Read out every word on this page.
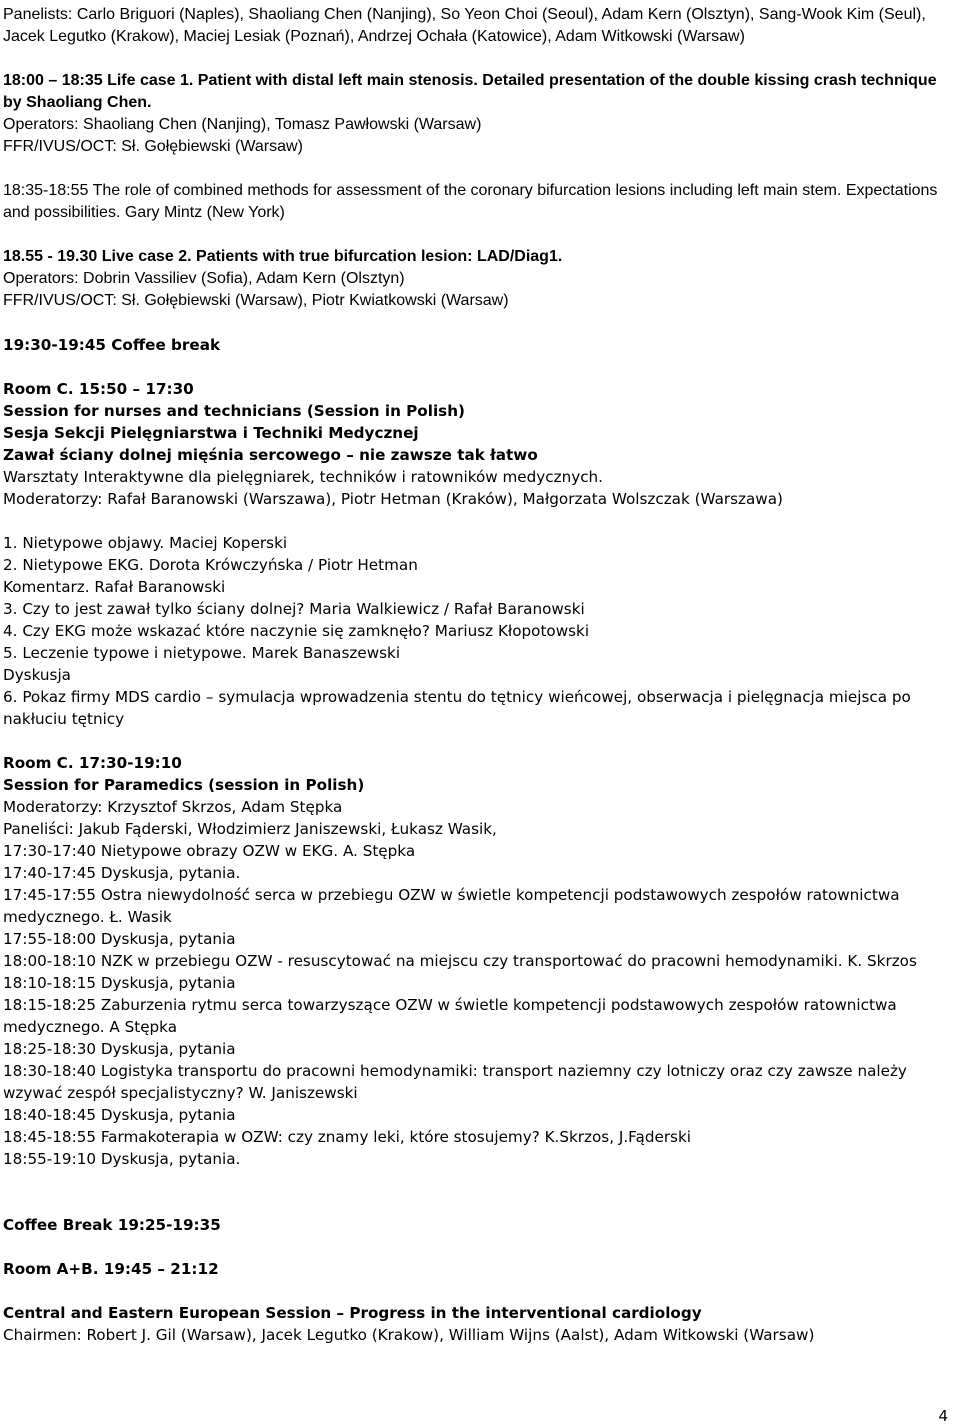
Panelists: Carlo Briguori (Naples), Shaoliang Chen (Nanjing), So Yeon Choi (Seoul), Adam Kern (Olsztyn), Sang-Wook Kim (Seul), Jacek Legutko (Krakow), Maciej Lesiak (Poznań), Andrzej Ochała (Katowice), Adam Witkowski (Warsaw)
18:00 – 18:35 Life case 1. Patient with distal left main stenosis. Detailed presentation of the double kissing crash technique by Shaoliang Chen.
Operators: Shaoliang Chen (Nanjing), Tomasz Pawłowski (Warsaw)
FFR/IVUS/OCT: Sł. Gołębiewski (Warsaw)
18:35-18:55 The role of combined methods for assessment of the coronary bifurcation lesions including left main stem. Expectations and possibilities. Gary Mintz (New York)
18.55 - 19.30 Live case 2. Patients with true bifurcation lesion: LAD/Diag1.
Operators: Dobrin Vassiliev (Sofia), Adam Kern (Olsztyn)
FFR/IVUS/OCT: Sł. Gołębiewski (Warsaw), Piotr Kwiatkowski (Warsaw)
19:30-19:45 Coffee break
Room C. 15:50 – 17:30
Session for nurses and technicians (Session in Polish)
Sesja Sekcji Pielęgniarstwa i Techniki Medycznej
Zawał ściany dolnej mięśnia sercowego – nie zawsze tak łatwo
Warsztaty Interaktywne dla pielęgniarek, techników i ratowników medycznych.
Moderatorzy: Rafał Baranowski (Warszawa), Piotr Hetman (Kraków), Małgorzata Wolszczak (Warszawa)
1. Nietypowe objawy. Maciej Koperski
2. Nietypowe EKG. Dorota Krówczyńska / Piotr Hetman
Komentarz. Rafał Baranowski
3. Czy to jest zawał tylko ściany dolnej? Maria Walkiewicz / Rafał Baranowski
4. Czy EKG może wskazać które naczynie się zamknęło? Mariusz Kłopotowski
5. Leczenie typowe i nietypowe. Marek Banaszewski
Dyskusja
6. Pokaz firmy MDS cardio – symulacja wprowadzenia stentu do tętnicy wieńcowej, obserwacja i pielęgnacja miejsca po nakłuciu tętnicy
Room C. 17:30-19:10
Session for Paramedics (session in Polish)
Moderatorzy: Krzysztof Skrzos, Adam Stępka
Paneliści: Jakub Fąderski, Włodzimierz Janiszewski, Łukasz Wasik,
17:30-17:40 Nietypowe obrazy OZW w EKG. A. Stępka
17:40-17:45 Dyskusja, pytania.
17:45-17:55 Ostra niewydolność serca w przebiegu OZW w świetle kompetencji podstawowych zespołów ratownictwa medycznego. Ł. Wasik
17:55-18:00 Dyskusja, pytania
18:00-18:10 NZK w przebiegu OZW - resuscytować na miejscu czy transportować do pracowni hemodynamiki. K. Skrzos
18:10-18:15 Dyskusja, pytania
18:15-18:25 Zaburzenia rytmu serca towarzyszące OZW w świetle kompetencji podstawowych zespołów ratownictwa medycznego. A Stępka
18:25-18:30 Dyskusja, pytania
18:30-18:40 Logistyka transportu do pracowni hemodynamiki: transport naziemny czy lotniczy oraz czy zawsze należy wzywać zespół specjalistyczny? W. Janiszewski
18:40-18:45 Dyskusja, pytania
18:45-18:55 Farmakoterapia w OZW: czy znamy leki, które stosujemy? K.Skrzos, J.Fąderski
18:55-19:10 Dyskusja, pytania.
Coffee Break 19:25-19:35
Room A+B. 19:45 – 21:12
Central and Eastern European Session – Progress in the interventional cardiology
Chairmen: Robert J. Gil (Warsaw), Jacek Legutko (Krakow), William Wijns (Aalst), Adam Witkowski (Warsaw)
4
